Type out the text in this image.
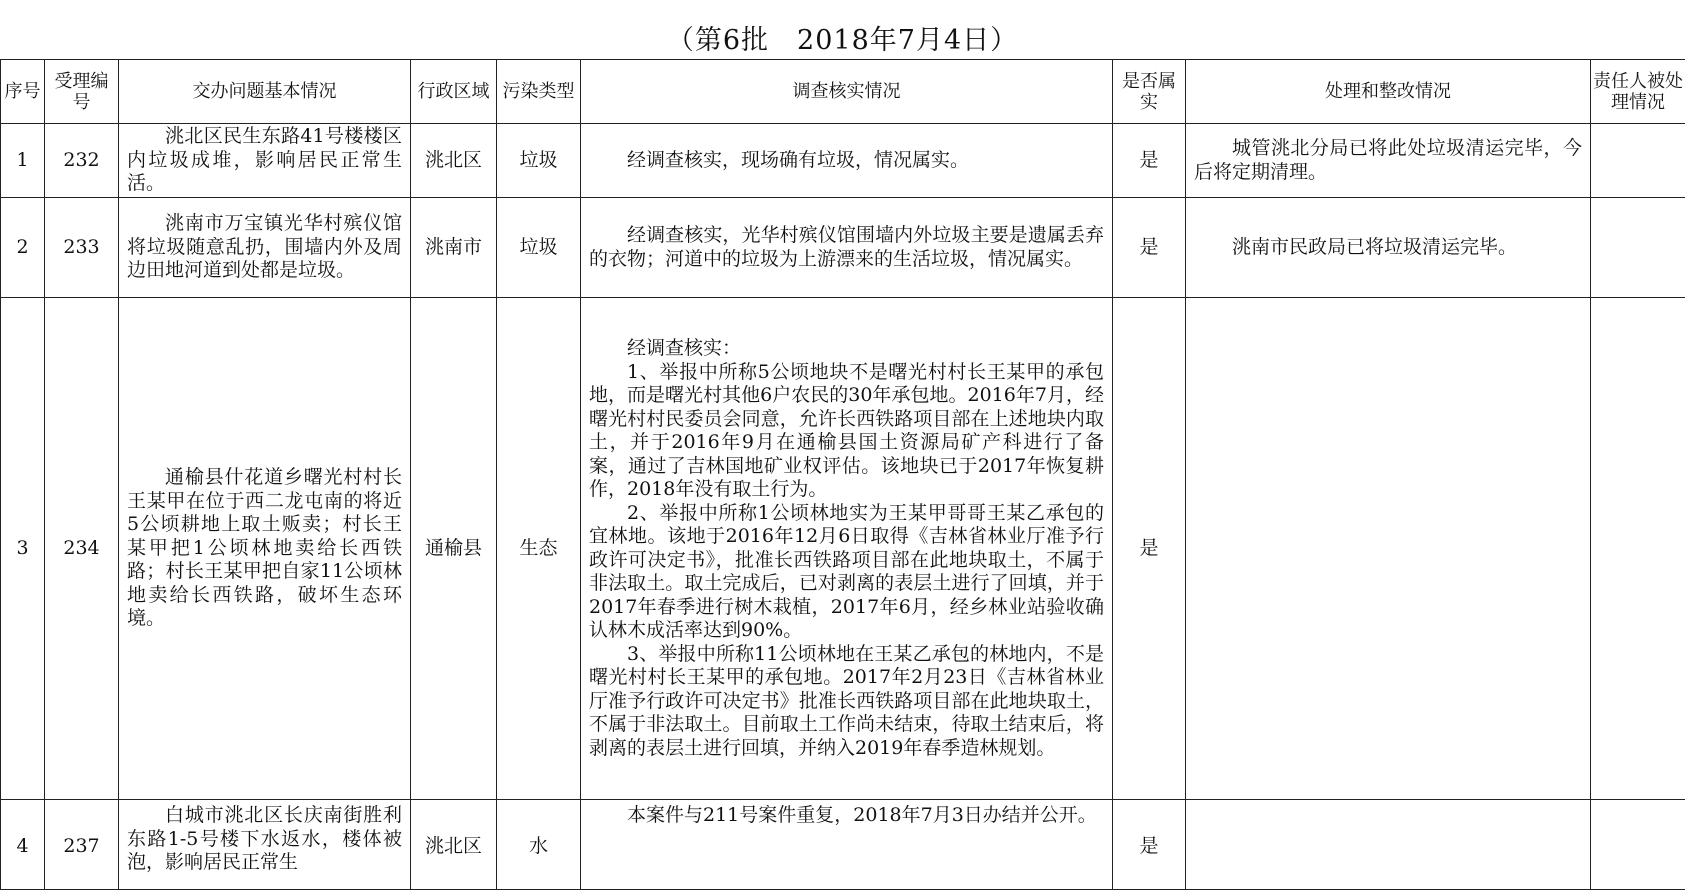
（第6批　2018年7月4日）
序号	受理编号	交办问题基本情况	行政区域	污染类型	调查核实情况	是否属实	处理和整改情况	责任人被处理情况
1	232	洮北区民生东路41号楼楼区内垃圾成堆，影响居民正常生活。	洮北区	垃圾	经调查核实，现场确有垃圾，情况属实。	是	城管洮北分局已将此处垃圾清运完毕，今后将定期清理。	

2	233	洮南市万宝镇光华村殡仪馆将垃圾随意乱扔，围墙内外及周边田地河道到处都是垃圾。	洮南市	垃圾	经调查核实，光华村殡仪馆围墙内外垃圾主要是遗属丢弃的衣物；河道中的垃圾为上游漂来的生活垃圾，情况属实。	是	洮南市民政局已将垃圾清运完毕。	

3	234	通榆县什花道乡曙光村村长王某甲在位于西二龙屯南的将近5公顷耕地上取土贩卖；村长王某甲把1公顷林地卖给长西铁路；村长王某甲把自家11公顷林地卖给长西铁路，破坏生态环境。	通榆县	生态	经调查核实：
1、举报中所称5公顷地块不是曙光村村长王某甲的承包地，而是曙光村其他6户农民的30年承包地。2016年7月，经曙光村村民委员会同意，允许长西铁路项目部在上述地块内取土，并于2016年9月在通榆县国土资源局矿产科进行了备案，通过了吉林国地矿业权评估。该地块已于2017年恢复耕作，2018年没有取土行为。
2、举报中所称1公顷林地实为王某甲哥哥王某乙承包的宜林地。该地于2016年12月6日取得《吉林省林业厅准予行政许可决定书》，批准长西铁路项目部在此地块取土，不属于非法取土。取土完成后，已对剥离的表层土进行了回填，并于2017年春季进行树木栽植，2017年6月，经乡林业站验收确认林木成活率达到90%。
3、举报中所称11公顷林地在王某乙承包的林地内，不是曙光村村长王某甲的承包地。2017年2月23日《吉林省林业厅准予行政许可决定书》批准长西铁路项目部在此地块取土，不属于非法取土。目前取土工作尚未结束，待取土结束后，将剥离的表层土进行回填，并纳入2019年春季造林规划。	是		
4	237	白城市洮北区长庆南街胜利东路1-5号楼下水返水，楼体被泡，影响居民正常生	洮北区	水	本案件与211号案件重复，2018年7月3日办结并公开。	是		
